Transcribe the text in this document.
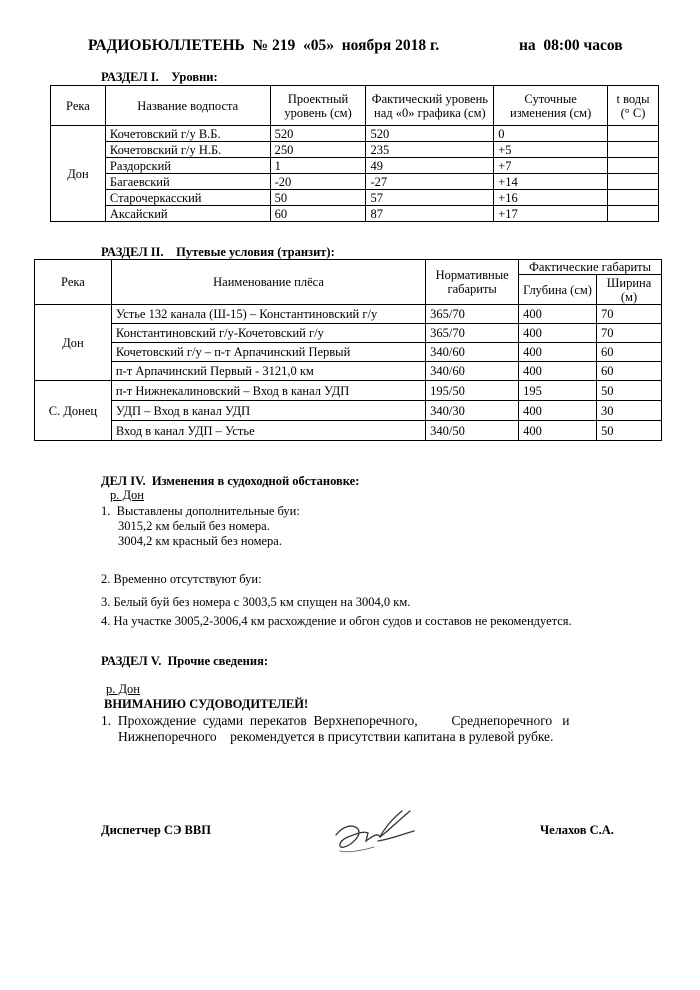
РАДИОБЮЛЛЕТЕНЬ  № 219  «05»  ноября 2018 г.

	на  08:00 часов

РАЗДЕЛ I.    Уровни:
Река	Название водпоста	Проектный уровень (см)	Фактический уровень над «0» графика (см)	Суточные изменения (см)	t воды (° С)
Дон	Кочетовский г/у В.Б.	520	520	0	
	Кочетовский г/у Н.Б.	250	235	+5	
	Раздорский	1	49	+7	
	Багаевский	-20	-27	+14	
	Старочеркасский	50	57	+16	
	Аксайский	60	87	+17	
РАЗДЕЛ II.    Путевые условия (транзит):
Река	Наименование плёса	Нормативные габариты	Фактические габариты	
			Глубина (см)	Ширина (м)
Дон	Устье 132 канала (Ш-15) – Константиновский г/у	365/70	400	70
	Константиновский г/у-Кочетовский г/у	365/70	400	70
	Кочетовский г/у – п-т Арпачинский Первый	340/60	400	60
	п-т Арпачинский Первый - 3121,0 км	340/60	400	60
С. Донец	п-т Нижнекалиновский – Вход в канал УДП	195/50	195	50
	УДП – Вход в канал УДП	340/30	400	30
	Вход в канал УДП – Устье	340/50	400	50
ДЕЛ IV.  Изменения в судоходной обстановке:
р. Дон
1.  Выставлены дополнительные буи:
3015,2 км белый без номера.
3004,2 км красный без номера.
2. Временно отсутствуют буи:
3. Белый буй без номера с 3003,5 км спущен на 3004,0 км.
4. На участке 3005,2-3006,4 км расхождение и обгон судов и составов не рекомендуется.
РАЗДЕЛ V.  Прочие сведения:
р. Дон
ВНИМАНИЮ СУДОВОДИТЕЛЕЙ!
1.  Прохождение  судами  перекатов  Верхнепоречного,          Среднепоречного   и
Нижнепоречного    рекомендуется в присутствии капитана в рулевой рубке.
Диспетчер СЭ ВВП	Челахов С.А.
